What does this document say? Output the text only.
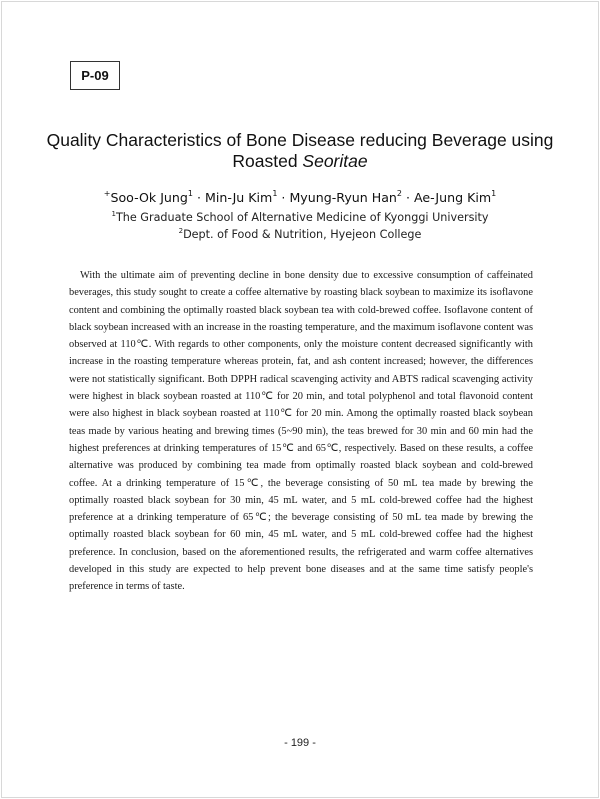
P-09
Quality Characteristics of Bone Disease reducing Beverage using
Roasted Seoritae
+Soo-Ok Jung$^1$ · Min-Ju Kim$^1$ · Myung-Ryun Han$^2$ · Ae-Jung Kim$^1$
$^1$The Graduate School of Alternative Medicine of Kyonggi University
$^2$Dept. of Food & Nutrition, Hyejeon College

With the ultimate aim of preventing decline in bone density due to excessive consumption of caffeinated beverages, this study sought to create a coffee alternative by roasting black soybean to maximize its isoflavone content and combining the optimally roasted black soybean tea with cold-brewed coffee. Isoflavone content of black soybean increased with an increase in the roasting temperature, and the maximum isoflavone content was observed at 110℃. With regards to other components, only the moisture content decreased significantly with increase in the roasting temperature whereas protein, fat, and ash content increased; however, the differences were not statistically significant. Both DPPH radical scavenging activity and ABTS radical scavenging activity were highest in black soybean roasted at 110℃ for 20 min, and total polyphenol and total flavonoid content were also highest in black soybean roasted at 110℃ for 20 min. Among the optimally roasted black soybean teas made by various heating and brewing times (5~90 min), the teas brewed for 30 min and 60 min had the highest preferences at drinking temperatures of 15℃ and 65℃, respectively. Based on these results, a coffee alternative was produced by combining tea made from optimally roasted black soybean and cold-brewed coffee. At a drinking temperature of 15℃, the beverage consisting of 50 mL tea made by brewing the optimally roasted black soybean for 30 min, 45 mL water, and 5 mL cold-brewed coffee had the highest preference at a drinking temperature of 65℃; the beverage consisting of 50 mL tea made by brewing the optimally roasted black soybean for 60 min, 45 mL water, and 5 mL cold-brewed coffee had the highest preference. In conclusion, based on the aforementioned results, the refrigerated and warm coffee alternatives developed in this study are expected to help prevent bone diseases and at the same time satisfy people's preference in terms of taste.

- 199 -
